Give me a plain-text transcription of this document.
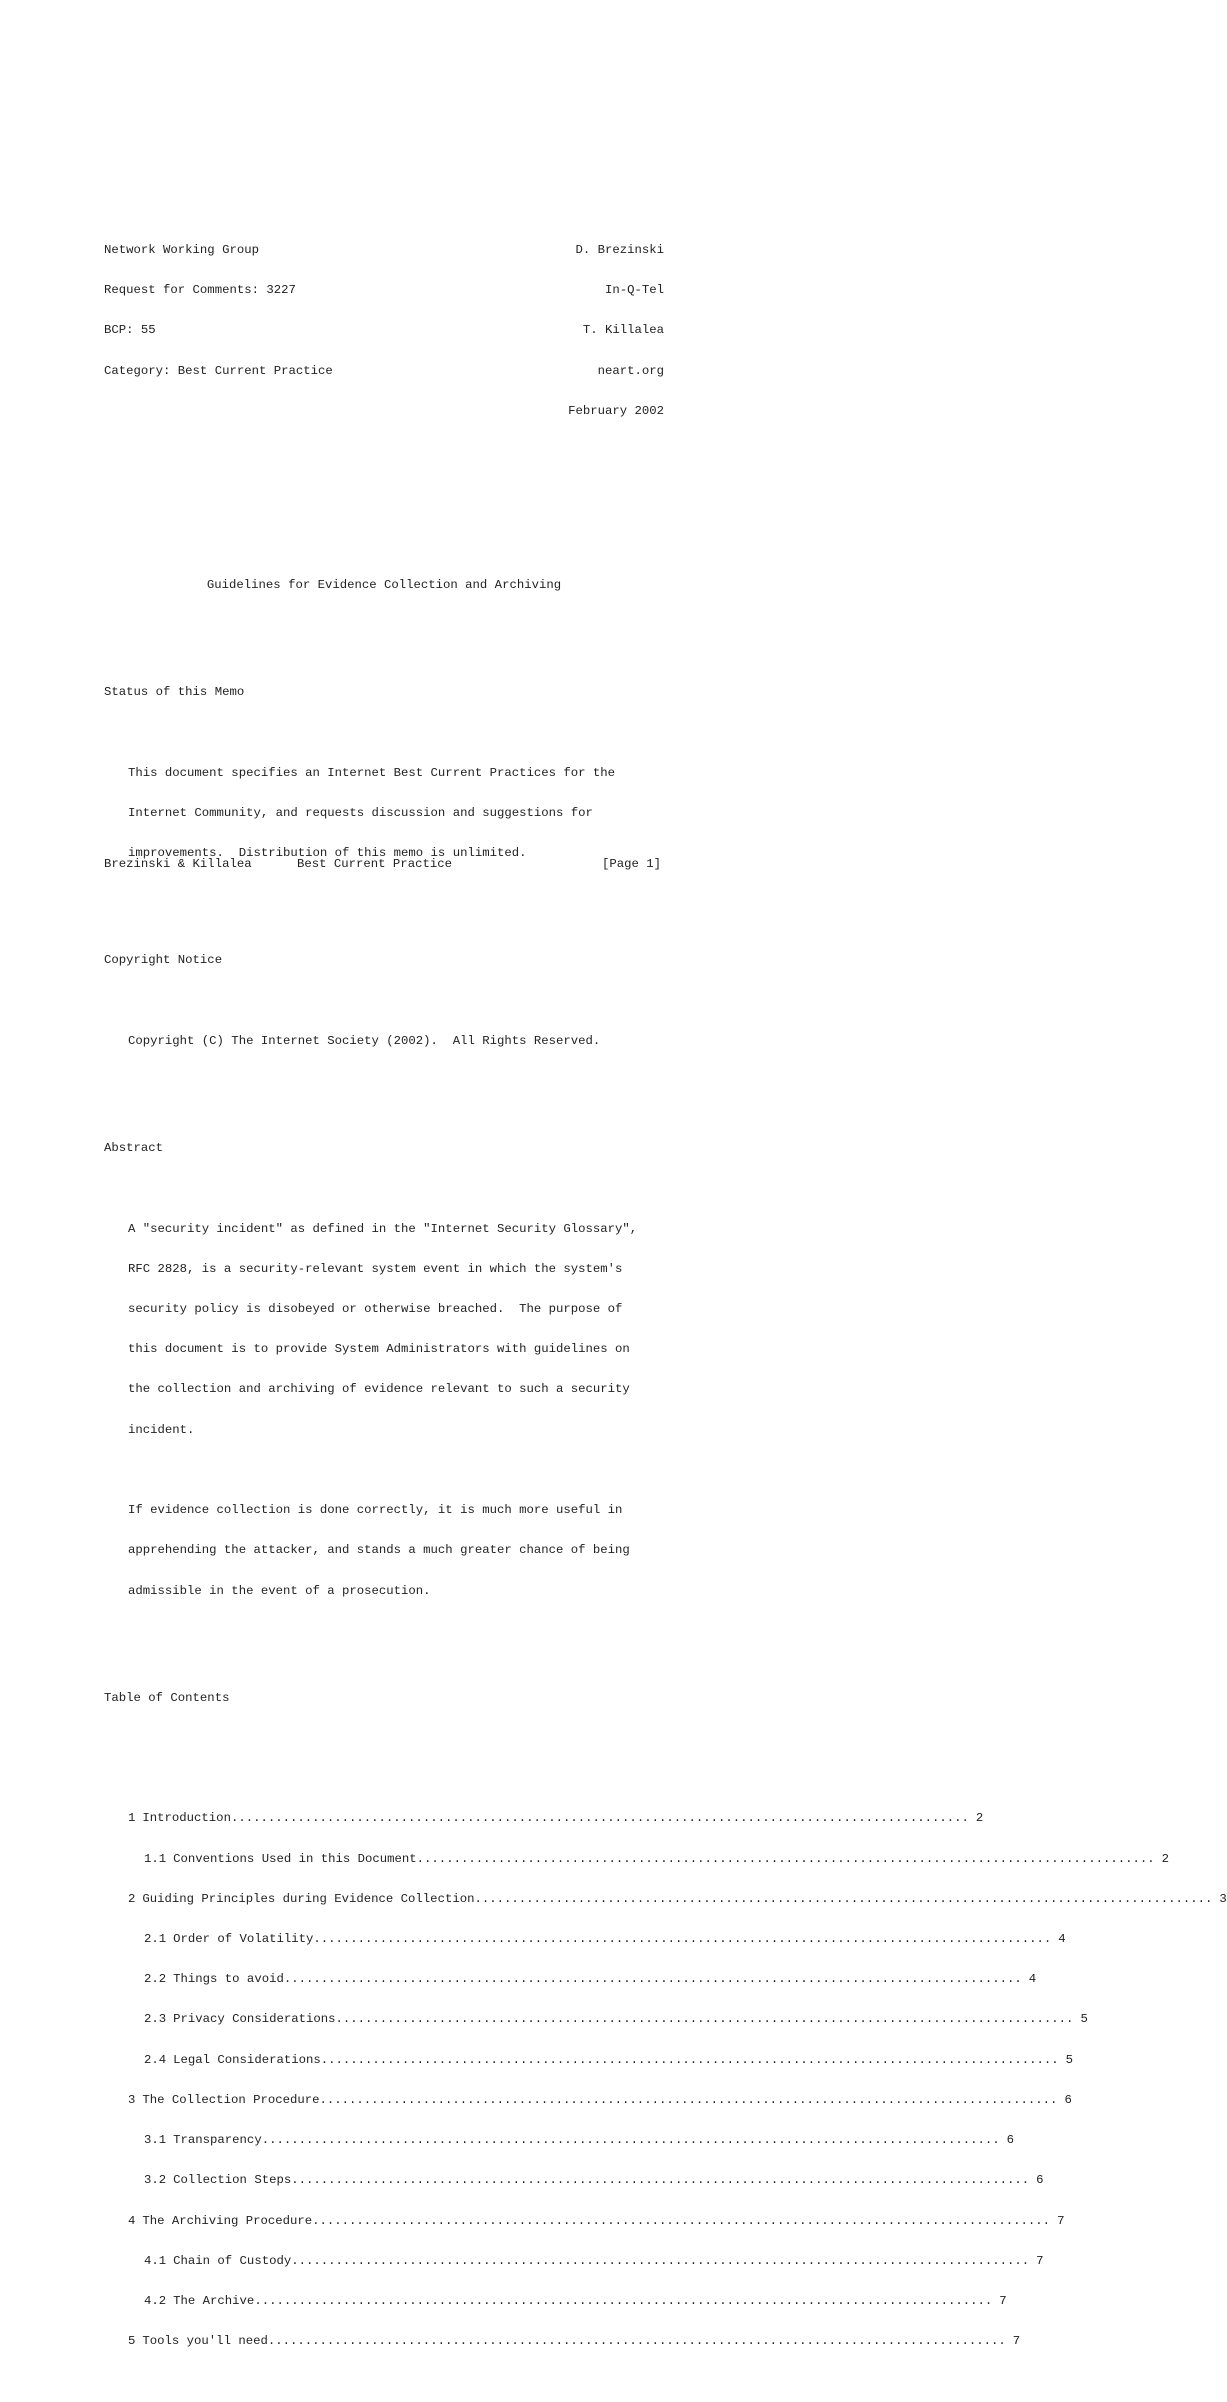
Network Working Group	D. Brezinski

Request for Comments: 3227	In-Q-Tel

BCP: 55	T. Killalea

Category: Best Current Practice	neart.org

February 2002

Guidelines for Evidence Collection and Archiving

Status of this Memo

This document specifies an Internet Best Current Practices for the

Internet Community, and requests discussion and suggestions for

improvements.  Distribution of this memo is unlimited.

Copyright Notice

Copyright (C) The Internet Society (2002).  All Rights Reserved.

Abstract

A "security incident" as defined in the "Internet Security Glossary",

RFC 2828, is a security-relevant system event in which the system's

security policy is disobeyed or otherwise breached.  The purpose of

this document is to provide System Administrators with guidelines on

the collection and archiving of evidence relevant to such a security

incident.

If evidence collection is done correctly, it is much more useful in

apprehending the attacker, and stands a much greater chance of being

admissible in the event of a prosecution.

Table of Contents

1 Introduction .....	2

1.1 Conventions Used in this Document .....	2

2 Guiding Principles during Evidence Collection .....	3

2.1 Order of Volatility .....	4

2.2 Things to avoid .....	4

2.3 Privacy Considerations .....	5

2.4 Legal Considerations .....	5

3 The Collection Procedure .....	6

3.1 Transparency .....	6

3.2 Collection Steps .....	6

4 The Archiving Procedure .....	7

4.1 Chain of Custody .....	7

4.2 The Archive .....	7

5 Tools you'll need .....	7

Brezinski & Killalea	Best Current Practice	[Page 1]
